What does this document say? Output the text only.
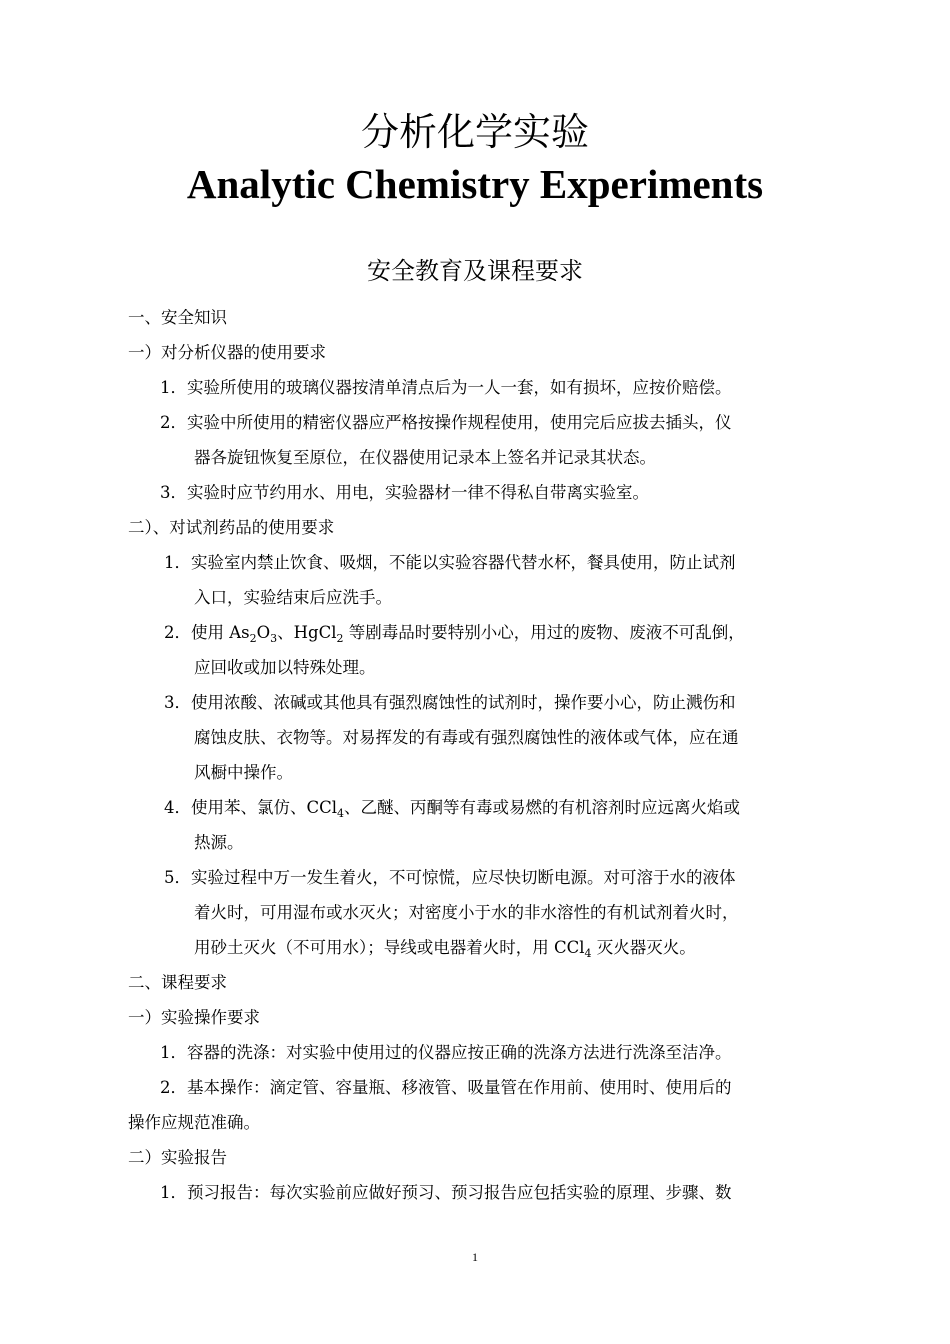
分析化学实验
Analytic Chemistry Experiments
安全教育及课程要求
一、安全知识
一）对分析仪器的使用要求
1．实验所使用的玻璃仪器按清单清点后为一人一套，如有损坏，应按价赔偿。
2．实验中所使用的精密仪器应严格按操作规程使用，使用完后应拔去插头，仪
器各旋钮恢复至原位，在仪器使用记录本上签名并记录其状态。
3．实验时应节约用水、用电，实验器材一律不得私自带离实验室。
二）、对试剂药品的使用要求
1．实验室内禁止饮食、吸烟，不能以实验容器代替水杯，餐具使用，防止试剂
入口，实验结束后应洗手。
2．使用 $As_2O_3$、HgCl$_2$ 等剧毒品时要特别小心，用过的废物、废液不可乱倒，
应回收或加以特殊处理。
3．使用浓酸、浓碱或其他具有强烈腐蚀性的试剂时，操作要小心，防止溅伤和
腐蚀皮肤、衣物等。对易挥发的有毒或有强烈腐蚀性的液体或气体，应在通
风橱中操作。
4．使用苯、氯仿、CCl$_4$、乙醚、丙酮等有毒或易燃的有机溶剂时应远离火焰或
热源。
5．实验过程中万一发生着火，不可惊慌，应尽快切断电源。对可溶于水的液体
着火时，可用湿布或水灭火；对密度小于水的非水溶性的有机试剂着火时，
用砂土灭火（不可用水）；导线或电器着火时，用 CCl$_4$ 灭火器灭火。
二、课程要求
一）实验操作要求
1．容器的洗涤：对实验中使用过的仪器应按正确的洗涤方法进行洗涤至洁净。
2．基本操作：滴定管、容量瓶、移液管、吸量管在作用前、使用时、使用后的
操作应规范准确。
二）实验报告
1．预习报告：每次实验前应做好预习、预习报告应包括实验的原理、步骤、数
1
